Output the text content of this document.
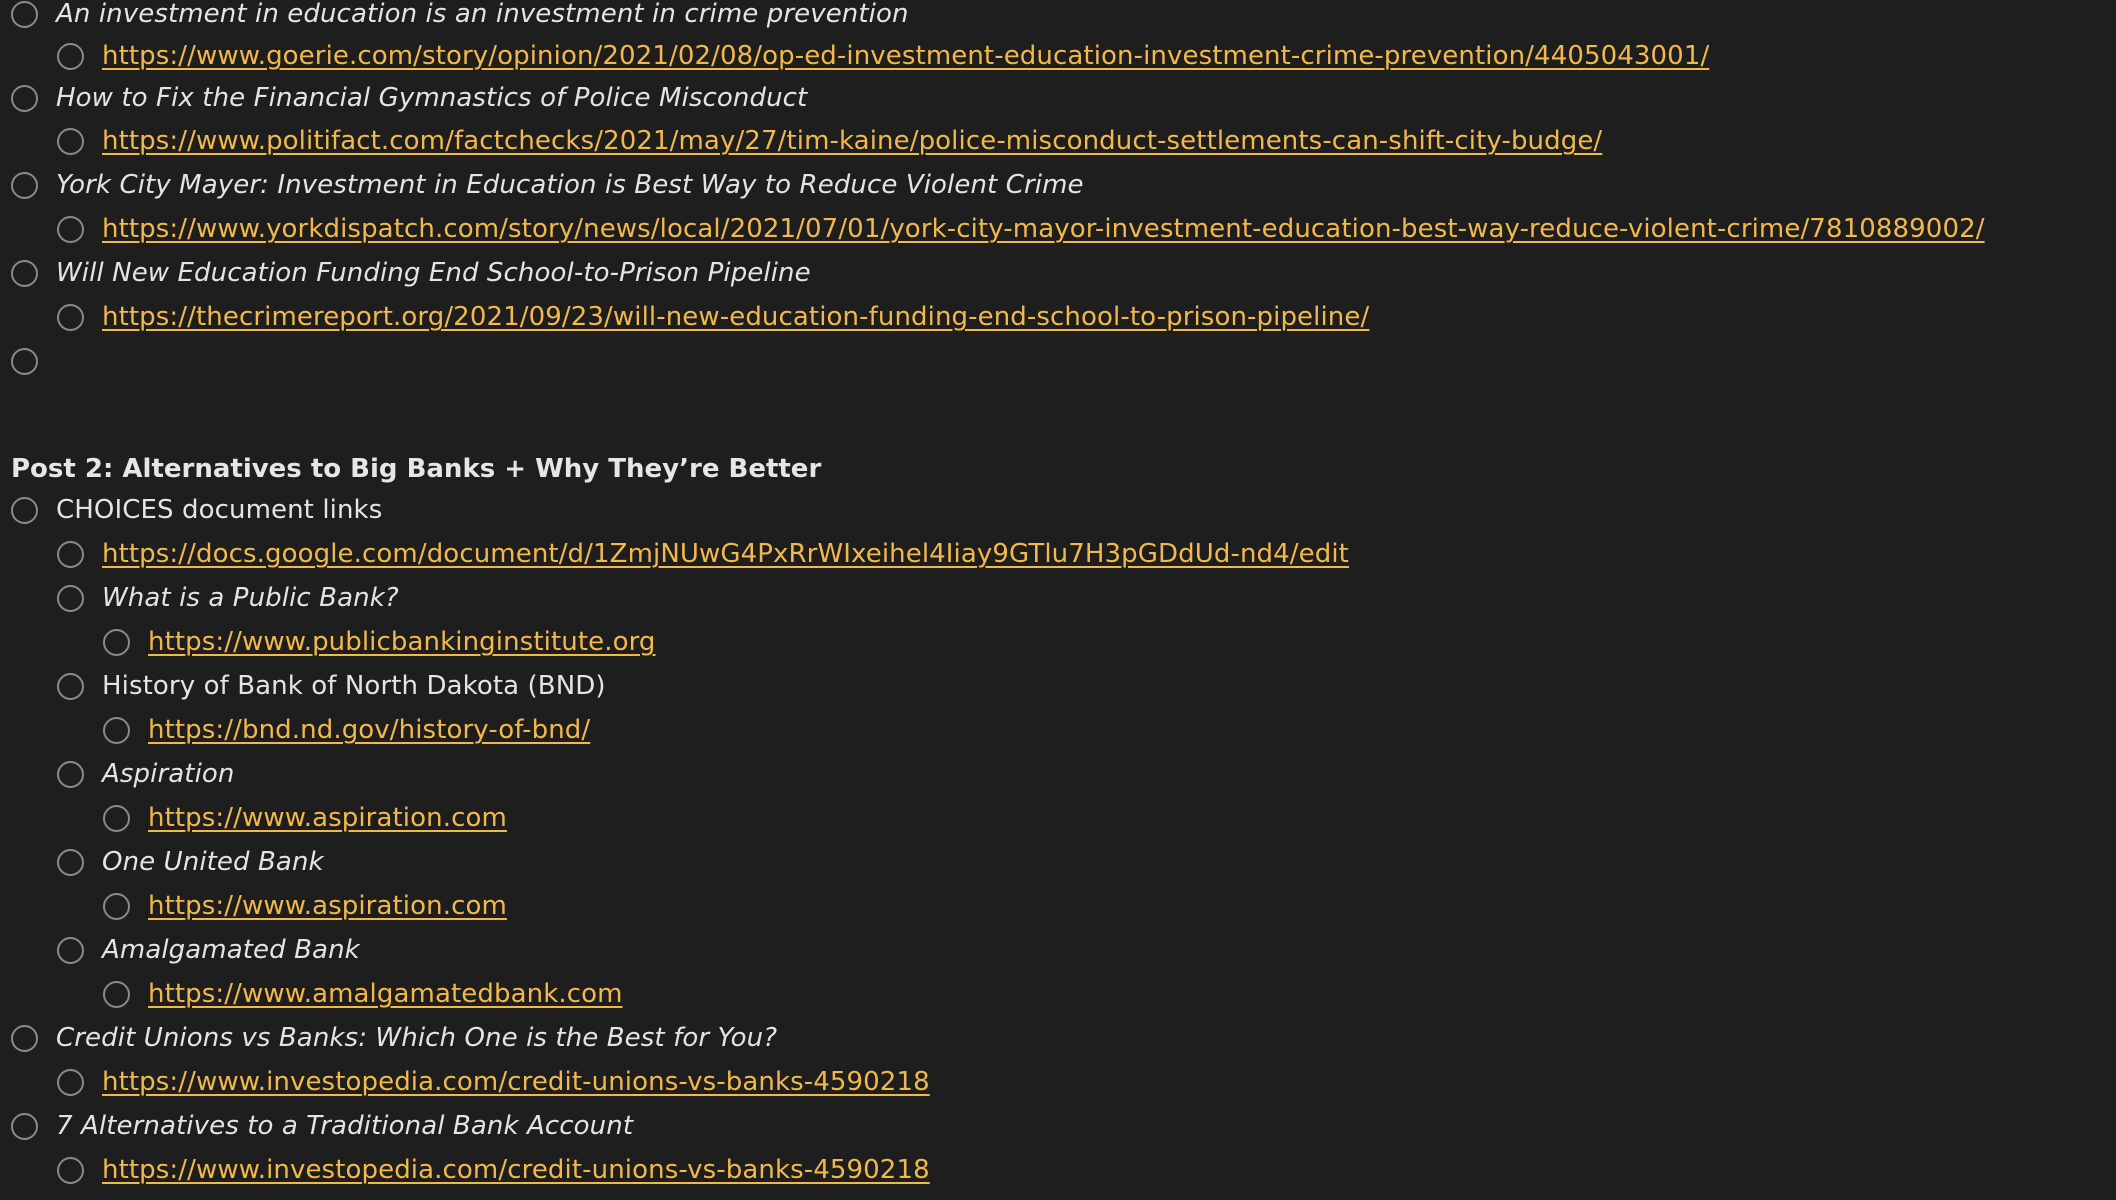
An investment in education is an investment in crime prevention
https://www.goerie.com/story/opinion/2021/02/08/op-ed-investment-education-investment-crime-prevention/4405043001/
How to Fix the Financial Gymnastics of Police Misconduct
https://www.politifact.com/factchecks/2021/may/27/tim-kaine/police-misconduct-settlements-can-shift-city-budge/
York City Mayer: Investment in Education is Best Way to Reduce Violent Crime
https://www.yorkdispatch.com/story/news/local/2021/07/01/york-city-mayor-investment-education-best-way-reduce-violent-crime/7810889002/
Will New Education Funding End School-to-Prison Pipeline
https://thecrimereport.org/2021/09/23/will-new-education-funding-end-school-to-prison-pipeline/
Post 2: Alternatives to Big Banks + Why They’re Better
CHOICES document links
https://docs.google.com/document/d/1ZmjNUwG4PxRrWIxeihel4Iiay9GTlu7H3pGDdUd-nd4/edit
What is a Public Bank?
https://www.publicbankinginstitute.org
History of Bank of North Dakota (BND)
https://bnd.nd.gov/history-of-bnd/
Aspiration
https://www.aspiration.com
One United Bank
https://www.aspiration.com
Amalgamated Bank
https://www.amalgamatedbank.com
Credit Unions vs Banks: Which One is the Best for You?
https://www.investopedia.com/credit-unions-vs-banks-4590218
7 Alternatives to a Traditional Bank Account
https://www.investopedia.com/credit-unions-vs-banks-4590218
